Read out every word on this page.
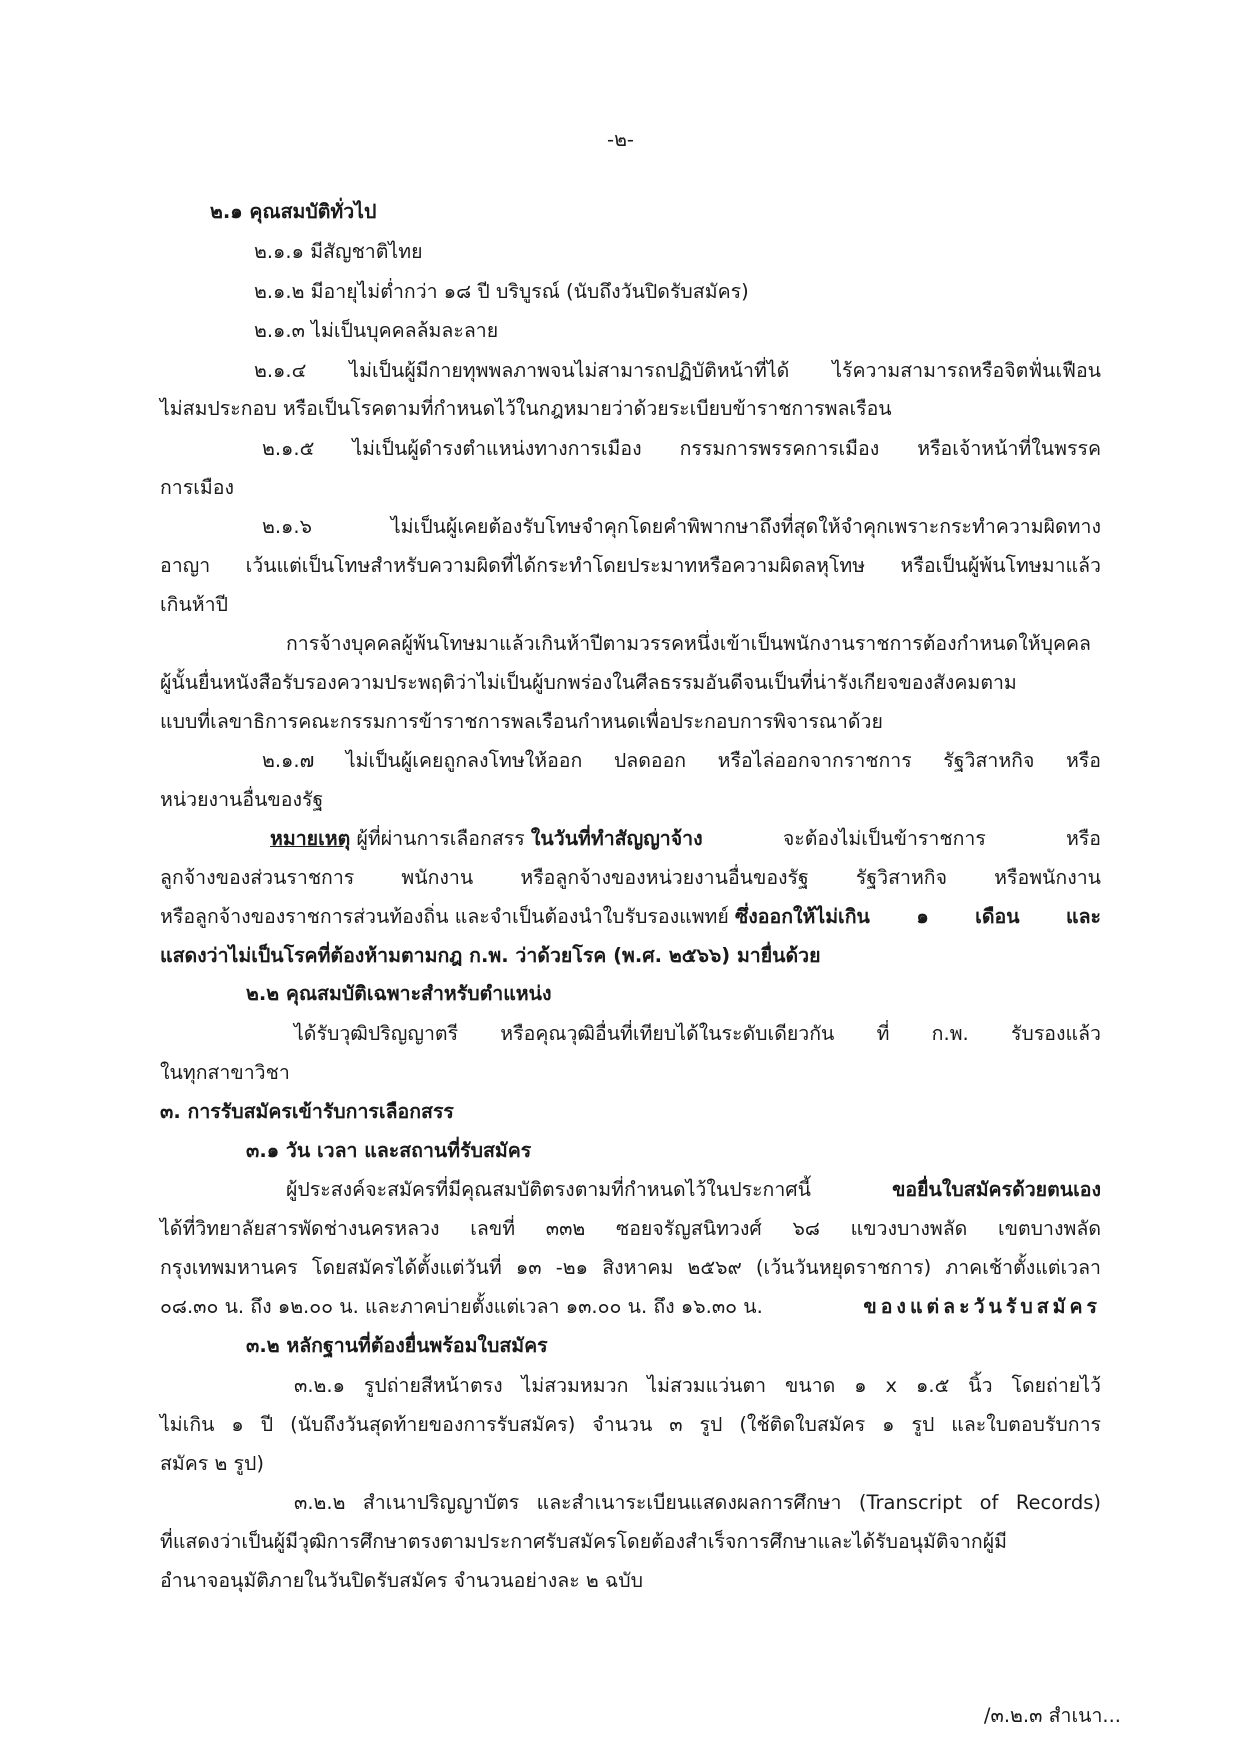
-๒-
๒.๑ คุณสมบัติทั่วไป
๒.๑.๑ มีสัญชาติไทย
๒.๑.๒ มีอายุไม่ต่ำกว่า ๑๘ ปี บริบูรณ์ (นับถึงวันปิดรับสมัคร)
๒.๑.๓ ไม่เป็นบุคคลล้มละลาย
๒.๑.๔ ไม่เป็นผู้มีกายทุพพลภาพจนไม่สามารถปฏิบัติหน้าที่ได้ ไร้ความสามารถหรือจิตฟั่นเฟือน
ไม่สมประกอบ หรือเป็นโรคตามที่กำหนดไว้ในกฎหมายว่าด้วยระเบียบข้าราชการพลเรือน
๒.๑.๕ ไม่เป็นผู้ดำรงตำแหน่งทางการเมือง กรรมการพรรคการเมือง หรือเจ้าหน้าที่ในพรรค
การเมือง
๒.๑.๖ ไม่เป็นผู้เคยต้องรับโทษจำคุกโดยคำพิพากษาถึงที่สุดให้จำคุกเพราะกระทำความผิดทาง
อาญา เว้นแต่เป็นโทษสำหรับความผิดที่ได้กระทำโดยประมาทหรือความผิดลหุโทษ หรือเป็นผู้พ้นโทษมาแล้ว
เกินห้าปี
การจ้างบุคคลผู้พ้นโทษมาแล้วเกินห้าปีตามวรรคหนึ่งเข้าเป็นพนักงานราชการต้องกำหนดให้บุคคล
ผู้นั้นยื่นหนังสือรับรองความประพฤติว่าไม่เป็นผู้บกพร่องในศีลธรรมอันดีจนเป็นที่น่ารังเกียจของสังคมตาม
แบบที่เลขาธิการคณะกรรมการข้าราชการพลเรือนกำหนดเพื่อประกอบการพิจารณาด้วย
๒.๑.๗ ไม่เป็นผู้เคยถูกลงโทษให้ออก ปลดออก หรือไล่ออกจากราชการ รัฐวิสาหกิจ หรือ
หน่วยงานอื่นของรัฐ
หมายเหตุ ผู้ที่ผ่านการเลือกสรร ในวันที่ทำสัญญาจ้าง จะต้องไม่เป็นข้าราชการ หรือ
ลูกจ้างของส่วนราชการ พนักงาน หรือลูกจ้างของหน่วยงานอื่นของรัฐ รัฐวิสาหกิจ หรือพนักงาน
หรือลูกจ้างของราชการส่วนท้องถิ่น และจำเป็นต้องนำใบรับรองแพทย์ ซึ่งออกให้ไม่เกิน ๑ เดือน และ
แสดงว่าไม่เป็นโรคที่ต้องห้ามตามกฎ ก.พ. ว่าด้วยโรค (พ.ศ. ๒๕๖๖) มายื่นด้วย
๒.๒ คุณสมบัติเฉพาะสำหรับตำแหน่ง
ได้รับวุฒิปริญญาตรี หรือคุณวุฒิอื่นที่เทียบได้ในระดับเดียวกัน ที่ ก.พ. รับรองแล้ว
ในทุกสาขาวิชา
๓. การรับสมัครเข้ารับการเลือกสรร
๓.๑ วัน เวลา และสถานที่รับสมัคร
ผู้ประสงค์จะสมัครที่มีคุณสมบัติตรงตามที่กำหนดไว้ในประกาศนี้	ขอยื่นใบสมัครด้วยตนเอง
ได้ที่วิทยาลัยสารพัดช่างนครหลวง เลขที่ ๓๓๒ ซอยจรัญสนิทวงศ์ ๖๘ แขวงบางพลัด เขตบางพลัด
กรุงเทพมหานคร โดยสมัครได้ตั้งแต่วันที่ ๑๓ -๒๑ สิงหาคม ๒๕๖๙ (เว้นวันหยุดราชการ) ภาคเช้าตั้งแต่เวลา
๐๘.๓๐ น. ถึง ๑๒.๐๐ น. และภาคบ่ายตั้งแต่เวลา ๑๓.๐๐ น. ถึง ๑๖.๓๐ น.	ของแต่ละวันรับสมัคร
๓.๒ หลักฐานที่ต้องยื่นพร้อมใบสมัคร
๓.๒.๑ รูปถ่ายสีหน้าตรง ไม่สวมหมวก ไม่สวมแว่นตา ขนาด ๑ x ๑.๕ นิ้ว โดยถ่ายไว้
ไม่เกิน ๑ ปี (นับถึงวันสุดท้ายของการรับสมัคร) จำนวน ๓ รูป (ใช้ติดใบสมัคร ๑ รูป และใบตอบรับการ
สมัคร ๒ รูป)
๓.๒.๒ สำเนาปริญญาบัตร และสำเนาระเบียนแสดงผลการศึกษา (Transcript of Records)
ที่แสดงว่าเป็นผู้มีวุฒิการศึกษาตรงตามประกาศรับสมัครโดยต้องสำเร็จการศึกษาและได้รับอนุมัติจากผู้มี
อำนาจอนุมัติภายในวันปิดรับสมัคร จำนวนอย่างละ ๒ ฉบับ
/๓.๒.๓ สำเนา...
